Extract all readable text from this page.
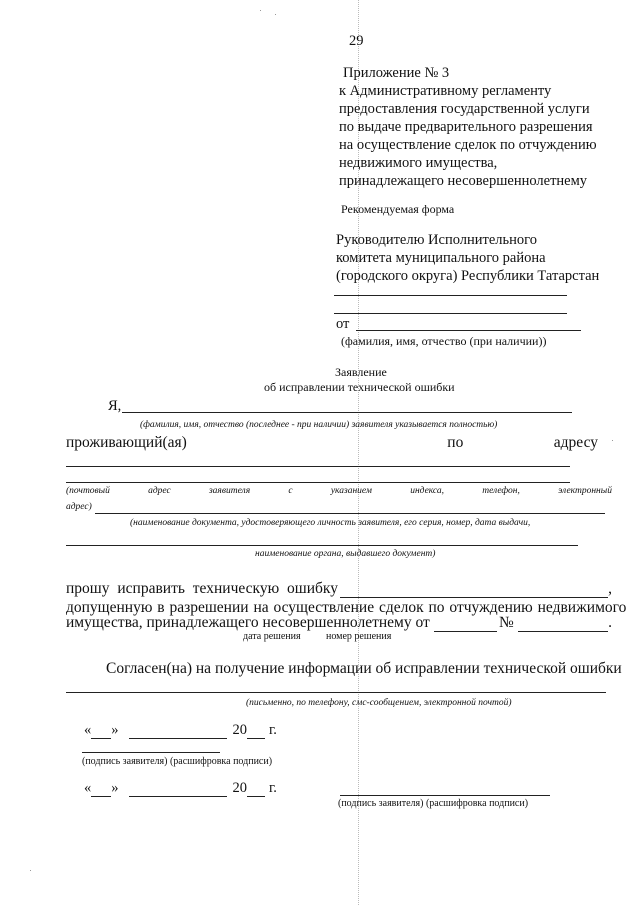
29
Приложение № 3
к Административному регламенту
предоставления государственной услуги
по выдаче предварительного разрешения
на осуществление сделок по отчуждению
недвижимого имущества,
принадлежащего несовершеннолетнему
Рекомендуемая форма
Руководителю Исполнительного
комитета муниципального района
(городского округа) Республики Татарстан
от
(фамилия, имя, отчество (при наличии))
Заявление
об исправлении технической ошибки
Я,
(фамилия, имя, отчество (последнее - при наличии) заявителя указывается полностью)
проживающий(ая)	по	адресу
(почтовый	адрес	заявителя	с	указанием	индекса,	телефон,	электронный
адрес)
(наименование документа, удостоверяющего личность заявителя, его серия, номер, дата выдачи,
наименование органа, выдавшего документ)
прошу исправить техническую ошибку	,
допущенную в разрешении на осуществление сделок по отчуждению недвижимого
имущества, принадлежащего несовершеннолетнему от	№	.
дата решения	номер решения
Согласен(на) на получение информации об исправлении технической ошибки
(письменно, по телефону, смс-сообщением, электронной почтой)
« »	20 г.
(подпись заявителя) (расшифровка подписи)
« »	20 г.
(подпись заявителя) (расшифровка подписи)
